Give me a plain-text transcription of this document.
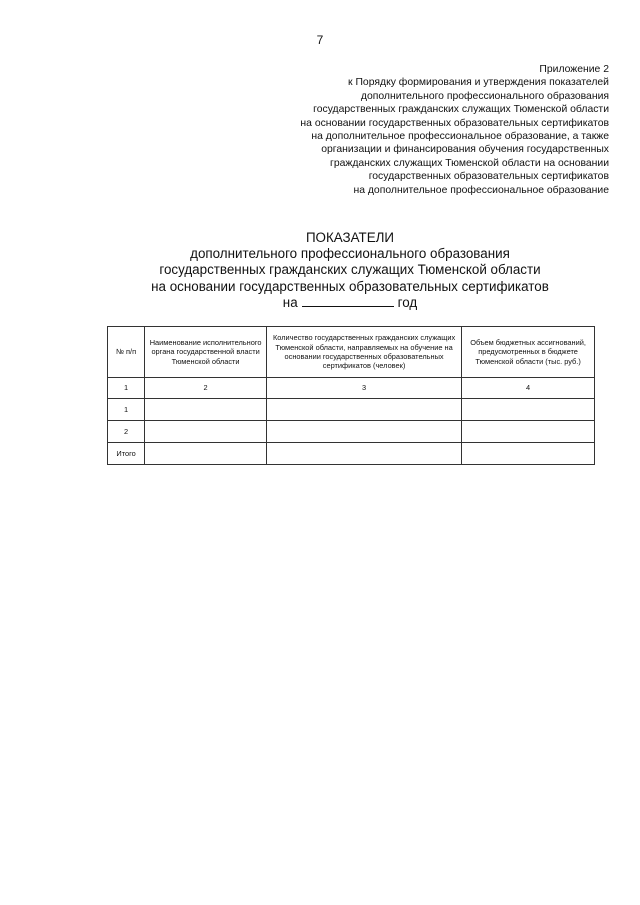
7
Приложение 2
к Порядку формирования и утверждения показателей
дополнительного профессионального образования
государственных гражданских служащих Тюменской области
на основании государственных образовательных сертификатов
на дополнительное профессиональное образование, а также
организации и финансирования обучения государственных
гражданских служащих Тюменской области на основании
государственных образовательных сертификатов
на дополнительное профессиональное образование
ПОКАЗАТЕЛИ
дополнительного профессионального образования
государственных гражданских служащих Тюменской области
на основании государственных образовательных сертификатов
на	год
№ п/п	Наименование исполнительного органа государственной власти Тюменской области	Количество государственных гражданских служащих Тюменской области, направляемых на обучение на основании государственных образовательных сертификатов (человек)	Объем бюджетных ассигнований, предусмотренных в бюджете Тюменской области (тыс. руб.)
1	2	3	4
1			
2			
Итого			
